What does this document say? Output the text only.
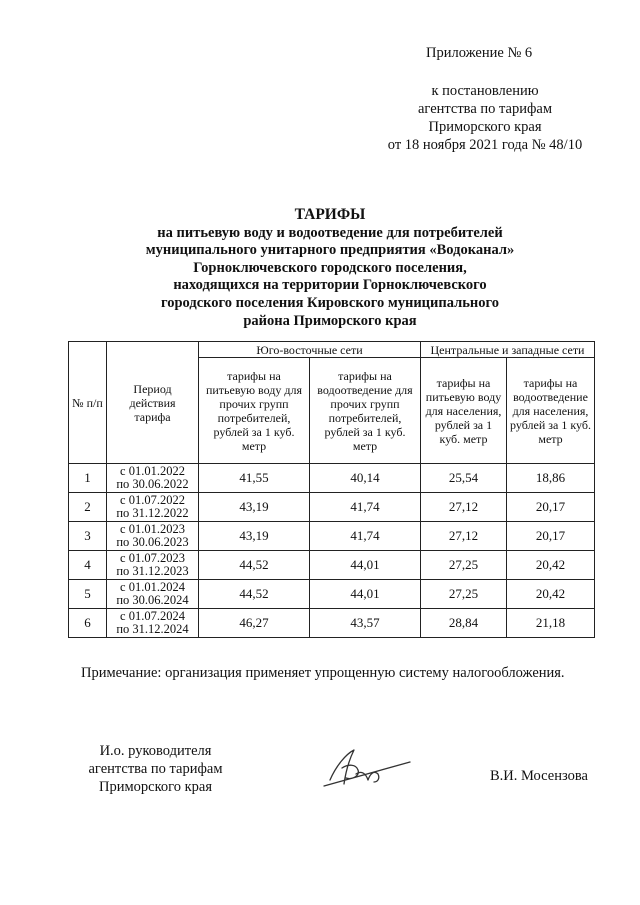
Приложение № 6
к постановлению
агентства по тарифам
Приморского края
от 18 ноября 2021 года № 48/10
ТАРИФЫ
на питьевую воду и водоотведение для потребителей
муниципального унитарного предприятия «Водоканал»
Горноключевского городского поселения,
находящихся на территории Горноключевского
городского поселения Кировского муниципального
района Приморского края
№ п/п	Период действия тарифа	Юго-восточные сети		Центральные и западные сети	
		тарифы на питьевую воду для прочих групп потребителей, рублей за 1 куб. метр	тарифы на водоотведение для прочих групп потребителей, рублей за 1 куб. метр	тарифы на питьевую воду для населения, рублей за 1 куб. метр	тарифы на водоотведение для населения, рублей за 1 куб. метр
1	с 01.01.2022
по 30.06.2022	41,55	40,14	25,54	18,86
2	с 01.07.2022
по 31.12.2022	43,19	41,74	27,12	20,17
3	с 01.01.2023
по 30.06.2023	43,19	41,74	27,12	20,17
4	с 01.07.2023
по 31.12.2023	44,52	44,01	27,25	20,42
5	с 01.01.2024
по 30.06.2024	44,52	44,01	27,25	20,42
6	с 01.07.2024
по 31.12.2024	46,27	43,57	28,84	21,18
Примечание: организация применяет упрощенную систему налогообложения.
И.о. руководителя
агентства по тарифам
Приморского края
В.И. Мосензова
